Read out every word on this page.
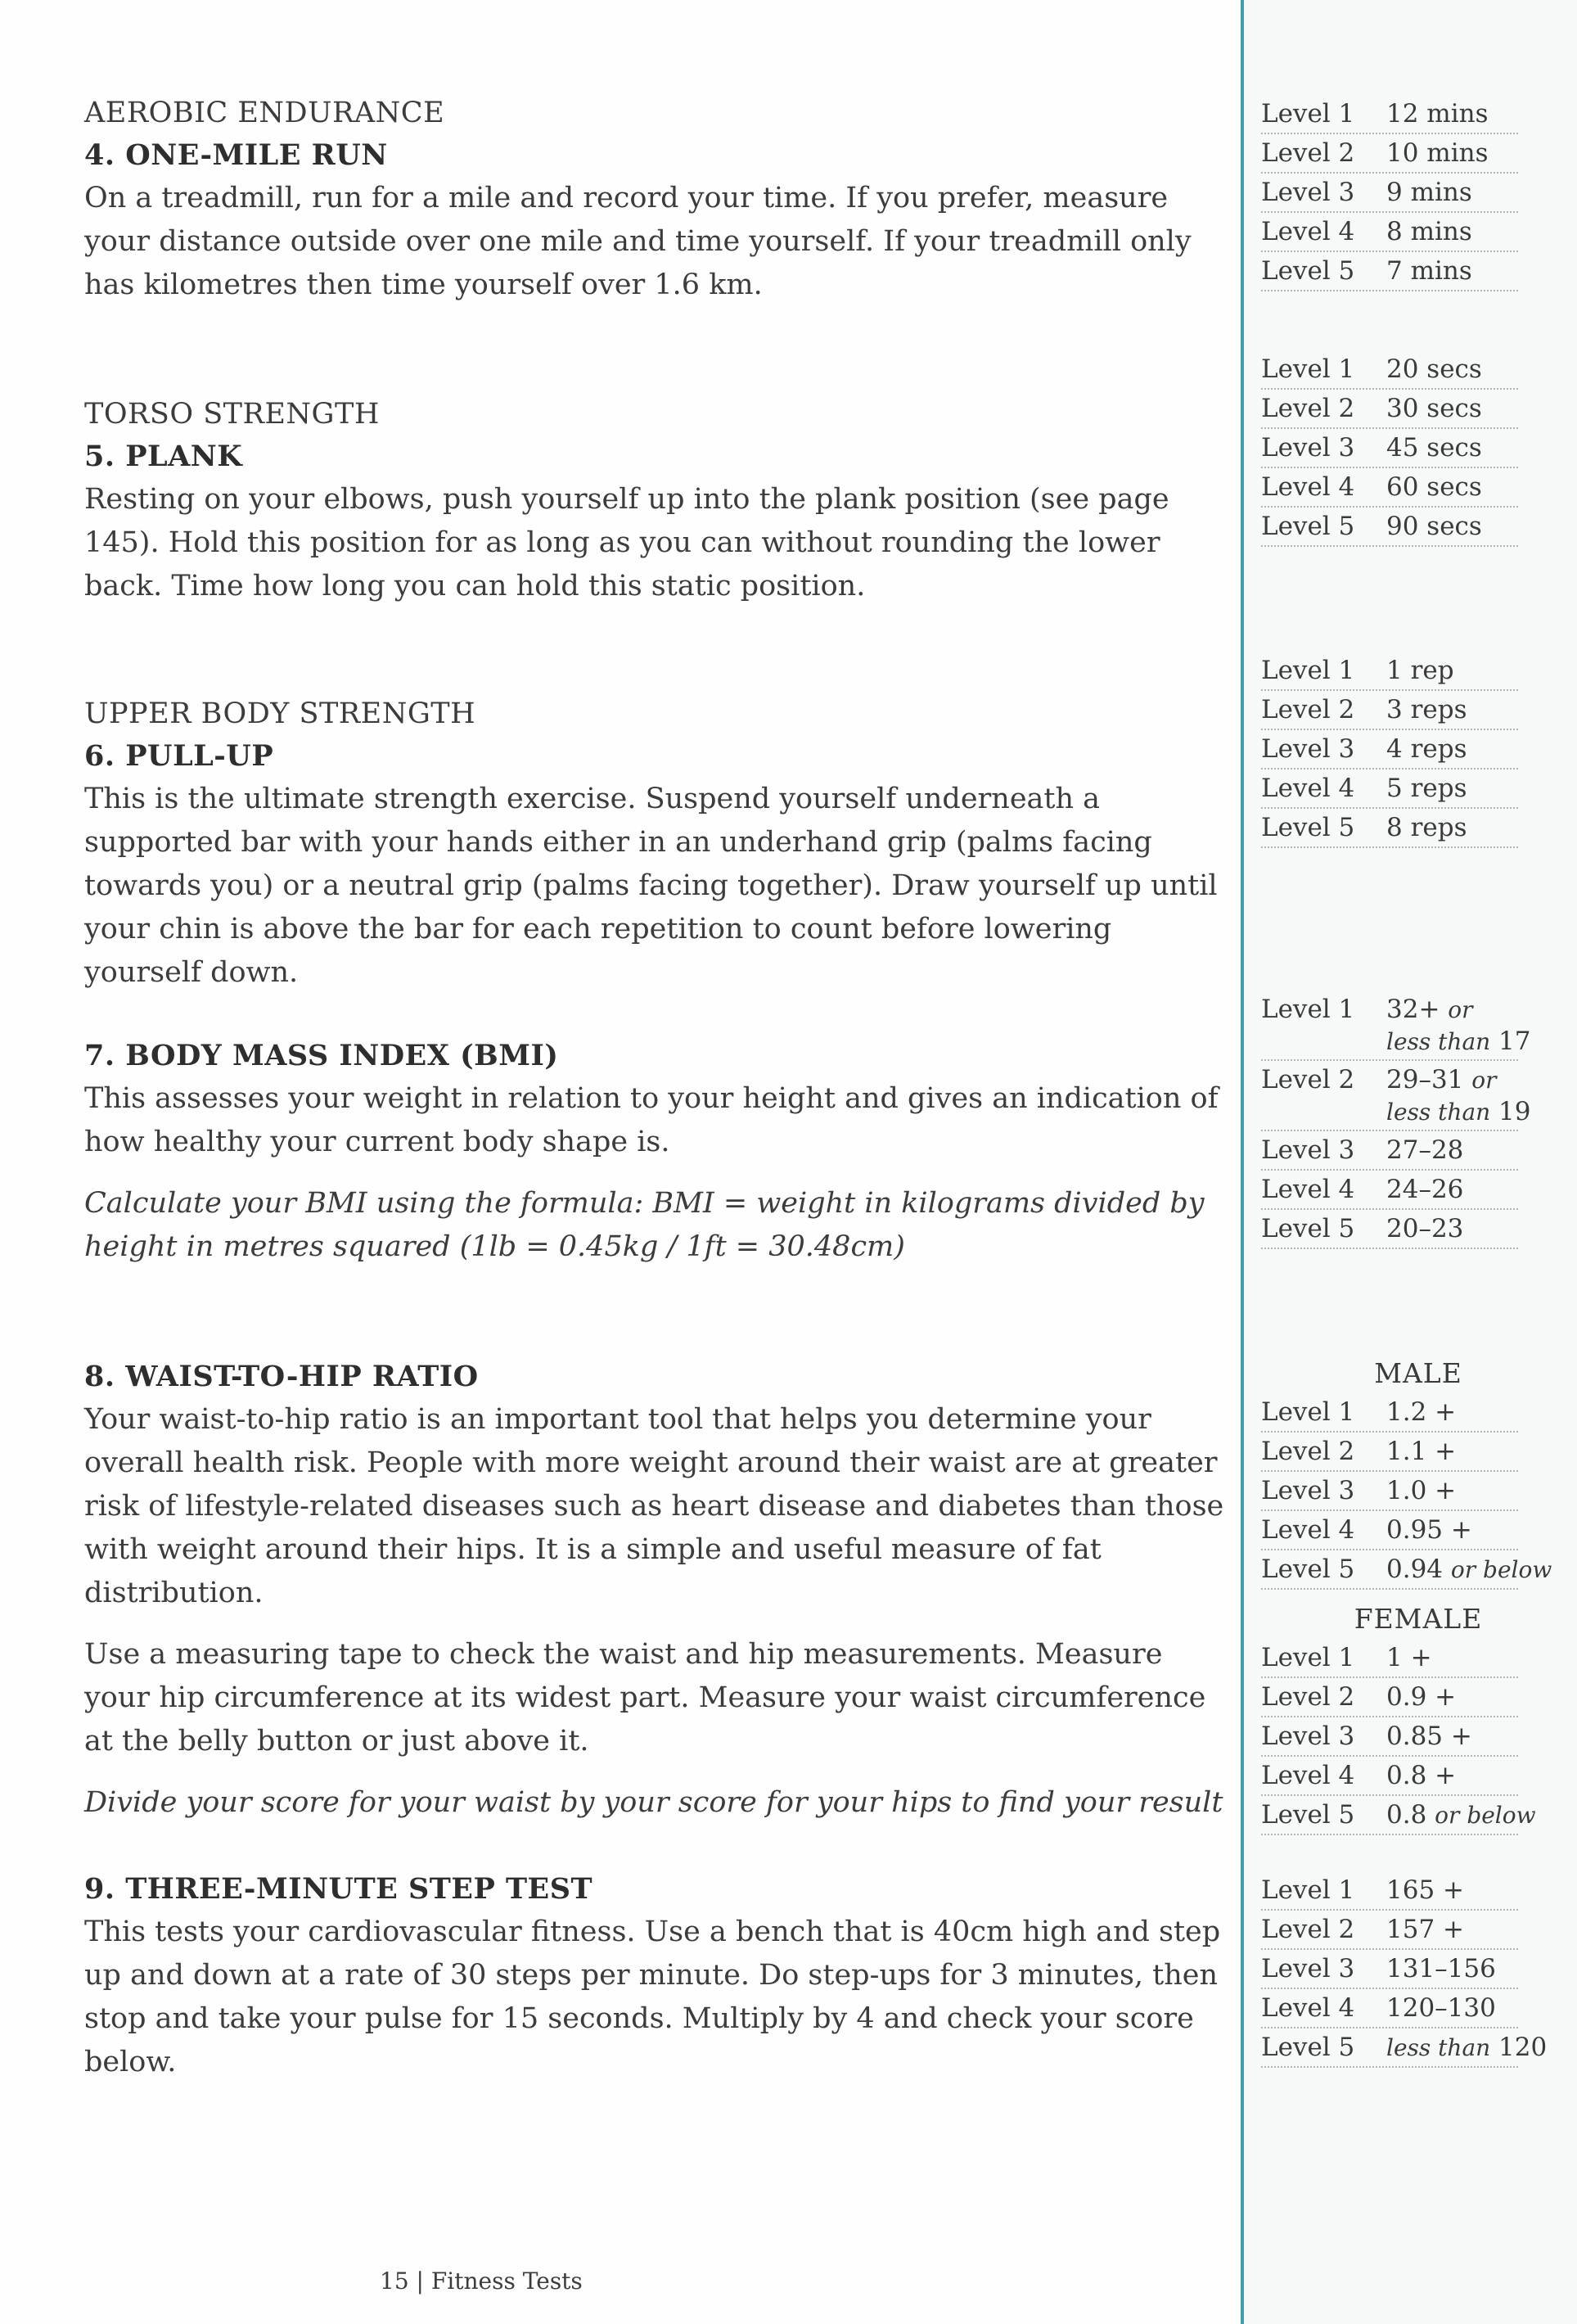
AEROBIC ENDURANCE
4. ONE-MILE RUN

On a treadmill, run for a mile and record your time. If you prefer, measure your distance outside over one mile and time yourself. If your treadmill only has kilometres then time yourself over 1.6 km.

TORSO STRENGTH
5. PLANK

Resting on your elbows, push yourself up into the plank position (see page 145). Hold this position for as long as you can without rounding the lower back. Time how long you can hold this static position.

UPPER BODY STRENGTH
6. PULL-UP

This is the ultimate strength exercise. Suspend yourself underneath a supported bar with your hands either in an underhand grip (palms facing towards you) or a neutral grip (palms facing together). Draw yourself up until your chin is above the bar for each repetition to count before lowering yourself down.

7. BODY MASS INDEX (BMI)

This assesses your weight in relation to your height and gives an indication of how healthy your current body shape is.

Calculate your BMI using the formula: BMI = weight in kilograms divided by height in metres squared (1lb = 0.45kg / 1ft = 30.48cm)

8. WAIST-TO-HIP RATIO

Your waist-to-hip ratio is an important tool that helps you determine your overall health risk. People with more weight around their waist are at greater risk of lifestyle-related diseases such as heart disease and diabetes than those with weight around their hips. It is a simple and useful measure of fat distribution.

Use a measuring tape to check the waist and hip measurements. Measure your hip circumference at its widest part. Measure your waist circumference at the belly button or just above it.

Divide your score for your waist by your score for your hips to find your result

9. THREE-MINUTE STEP TEST

This tests your cardiovascular fitness. Use a bench that is 40cm high and step up and down at a rate of 30 steps per minute. Do step-ups for 3 minutes, then stop and take your pulse for 15 seconds. Multiply by 4 and check your score below.

Level 1 12 mins
Level 2 10 mins
Level 3 9 mins
Level 4 8 mins
Level 5 7 mins
Level 1 20 secs
Level 2 30 secs
Level 3 45 secs
Level 4 60 secs
Level 5 90 secs
Level 1 1 rep
Level 2 3 reps
Level 3 4 reps
Level 4 5 reps
Level 5 8 reps
Level 1 32+ or
less than 17
Level 2 29–31 or
less than 19
Level 3 27–28
Level 4 24–26
Level 5 20–23
MALE
Level 1 1.2 +
Level 2 1.1 +
Level 3 1.0 +
Level 4 0.95 +
Level 5 0.94 or below
FEMALE
Level 1 1 +
Level 2 0.9 +
Level 3 0.85 +
Level 4 0.8 +
Level 5 0.8 or below
Level 1 165 +
Level 2 157 +
Level 3 131–156
Level 4 120–130
Level 5 less than 120
15 | Fitness Tests
